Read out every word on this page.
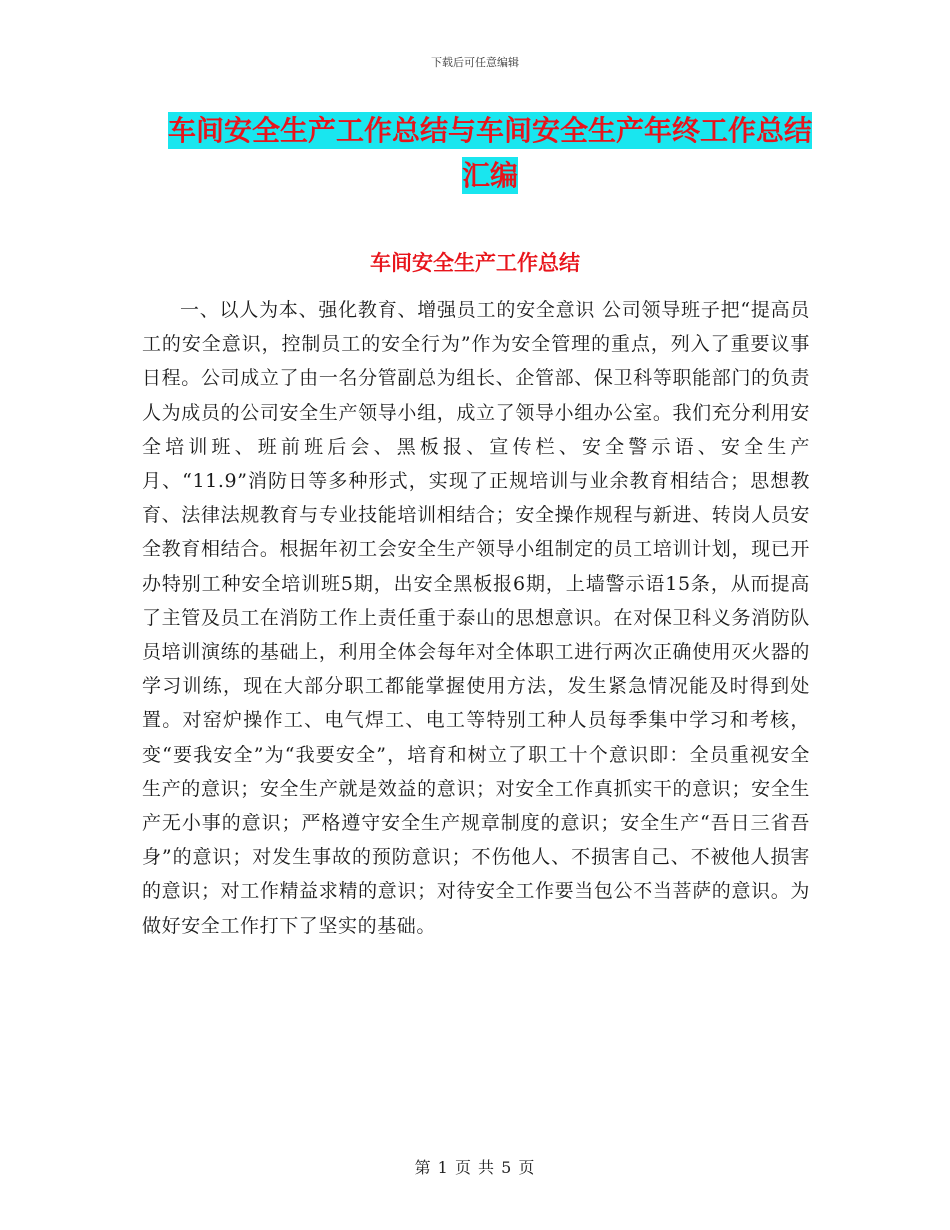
下载后可任意编辑
车间安全生产工作总结与车间安全生产年终工作总结
汇编
车间安全生产工作总结

一、以人为本、强化教育、增强员工的安全意识 公司领导班子把“提高员工的安全意识，控制员工的安全行为”作为安全管理的重点，列入了重要议事日程。公司成立了由一名分管副总为组长、企管部、保卫科等职能部门的负责人为成员的公司安全生产领导小组，成立了领导小组办公室。我们充分利用安全培训班、班前班后会、黑板报、宣传栏、安全警示语、安全生产月、“11.9”消防日等多种形式，实现了正规培训与业余教育相结合；思想教育、法律法规教育与专业技能培训相结合；安全操作规程与新进、转岗人员安全教育相结合。根据年初工会安全生产领导小组制定的员工培训计划，现已开办特别工种安全培训班5期，出安全黑板报6期，上墙警示语15条，从而提高了主管及员工在消防工作上责任重于泰山的思想意识。在对保卫科义务消防队员培训演练的基础上，利用全体会每年对全体职工进行两次正确使用灭火器的学习训练，现在大部分职工都能掌握使用方法，发生紧急情况能及时得到处置。对窑炉操作工、电气焊工、电工等特别工种人员每季集中学习和考核，变“要我安全”为“我要安全”，培育和树立了职工十个意识即：全员重视安全生产的意识；安全生产就是效益的意识；对安全工作真抓实干的意识；安全生产无小事的意识；严格遵守安全生产规章制度的意识；安全生产“吾日三省吾身”的意识；对发生事故的预防意识；不伤他人、不损害自己、不被他人损害的意识；对工作精益求精的意识；对待安全工作要当包公不当菩萨的意识。为做好安全工作打下了坚实的基础。

第 1 页 共 5 页
